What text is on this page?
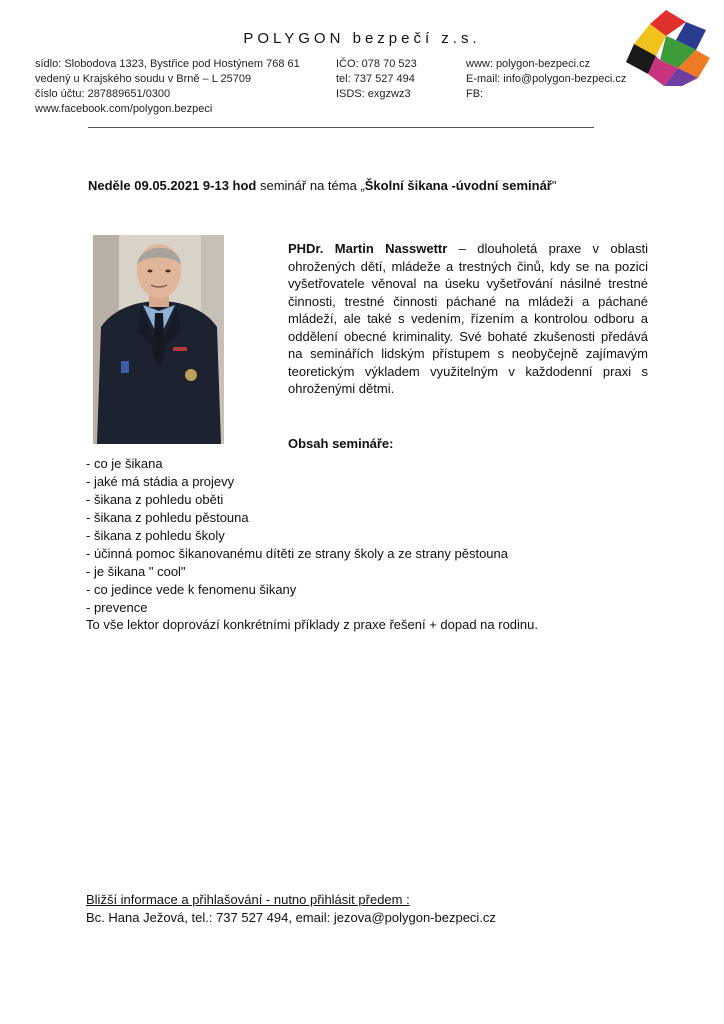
POLYGON bezpečí z.s.
sídlo: Slobodova 1323, Bystřice pod Hostýnem 768 61
vedený u Krajského soudu v Brně – L 25709
číslo účtu: 287889651/0300
www.facebook.com/polygon.bezpeci
IČO: 078 70 523
tel: 737 527 494
ISDS: exgzwz3
www: polygon-bezpeci.cz
E-mail: info@polygon-bezpeci.cz
FB:
Neděle 09.05.2021 9-13 hod seminář na téma „Školní šikana -úvodní seminář"
PHDr. Martin Nasswettr – dlouholetá praxe v oblasti ohrožených dětí, mládeže a trestných činů, kdy se na pozici vyšetřovatele věnoval na úseku vyšetřování násilné trestné činnosti, trestné činnosti páchané na mládeži a páchané mládeží, ale také s vedením, řízením a kontrolou odboru a oddělení obecné kriminality. Své bohaté zkušenosti předává na seminářích lidským přístupem s neobyčejně zajímavým teoretickým výkladem využitelným v každodenní praxi s ohroženými dětmi.
Obsah semináře:
- co je šikana
- jaké má stádia a projevy
- šikana z pohledu oběti
- šikana z pohledu pěstouna
- šikana z pohledu školy
- účinná pomoc šikanovanému dítěti ze strany školy a ze strany pěstouna
- je šikana " cool"
- co jedince vede k fenomenu šikany
- prevence
To vše lektor doprovází konkrétními příklady z praxe řešení + dopad na rodinu.
Bližší informace a přihlašování - nutno přihlásit předem :
Bc. Hana Ježová, tel.: 737 527 494, email: jezova@polygon-bezpeci.cz
